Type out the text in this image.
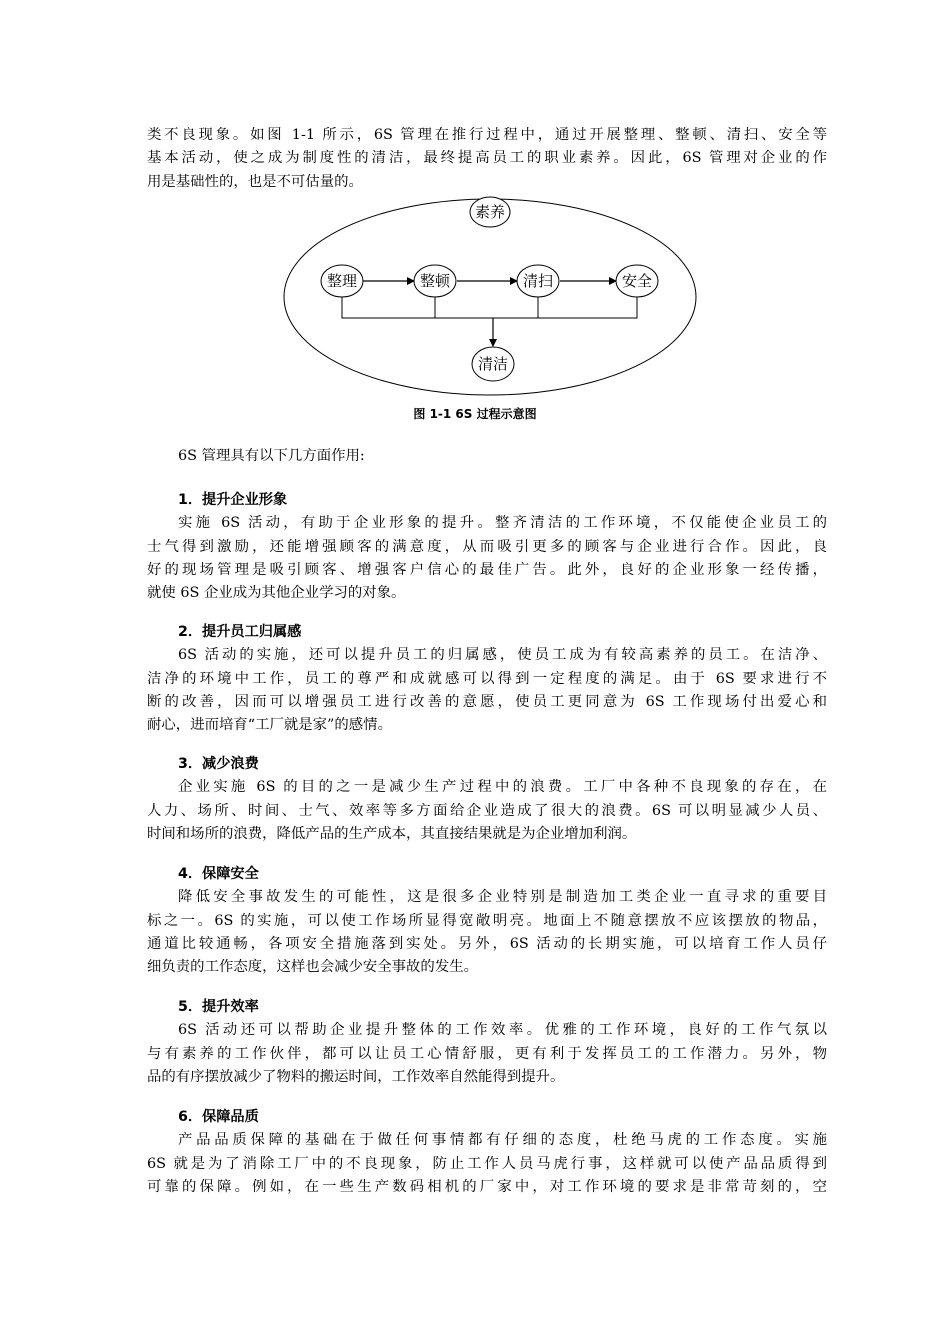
类不良现象。如图 1-1 所示，6S 管理在推行过程中，通过开展整理、整顿、清扫、安全等
基本活动，使之成为制度性的清洁，最终提高员工的职业素养。因此，6S 管理对企业的作
用是基础性的，也是不可估量的。
素养
整理	整顿	清扫	安全
清洁
图 1-1 6S 过程示意图
6S 管理具有以下几方面作用:
1．提升企业形象
实施 6S 活动，有助于企业形象的提升。整齐清洁的工作环境，不仅能使企业员工的
士气得到激励，还能增强顾客的满意度，从而吸引更多的顾客与企业进行合作。因此，良
好的现场管理是吸引顾客、增强客户信心的最佳广告。此外，良好的企业形象一经传播，
就使 6S 企业成为其他企业学习的对象。
2．提升员工归属感
6S 活动的实施，还可以提升员工的归属感，使员工成为有较高素养的员工。在洁净、
洁净的环境中工作，员工的尊严和成就感可以得到一定程度的满足。由于 6S 要求进行不
断的改善，因而可以增强员工进行改善的意愿，使员工更同意为 6S 工作现场付出爱心和
耐心，进而培育“工厂就是家”的感情。
3．减少浪费
企业实施 6S 的目的之一是减少生产过程中的浪费。工厂中各种不良现象的存在，在
人力、场所、时间、士气、效率等多方面给企业造成了很大的浪费。6S 可以明显减少人员、
时间和场所的浪费，降低产品的生产成本，其直接结果就是为企业增加利润。
4．保障安全
降低安全事故发生的可能性，这是很多企业特别是制造加工类企业一直寻求的重要目
标之一。6S 的实施，可以使工作场所显得宽敞明亮。地面上不随意摆放不应该摆放的物品，
通道比较通畅，各项安全措施落到实处。另外，6S 活动的长期实施，可以培育工作人员仔
细负责的工作态度，这样也会减少安全事故的发生。
5．提升效率
6S 活动还可以帮助企业提升整体的工作效率。优雅的工作环境，良好的工作气氛以
与有素养的工作伙伴，都可以让员工心情舒服，更有利于发挥员工的工作潜力。另外，物
品的有序摆放减少了物料的搬运时间，工作效率自然能得到提升。
6．保障品质
产品品质保障的基础在于做任何事情都有仔细的态度，杜绝马虎的工作态度。实施
6S 就是为了消除工厂中的不良现象，防止工作人员马虎行事，这样就可以使产品品质得到
可靠的保障。例如，在一些生产数码相机的厂家中，对工作环境的要求是非常苛刻的，空
